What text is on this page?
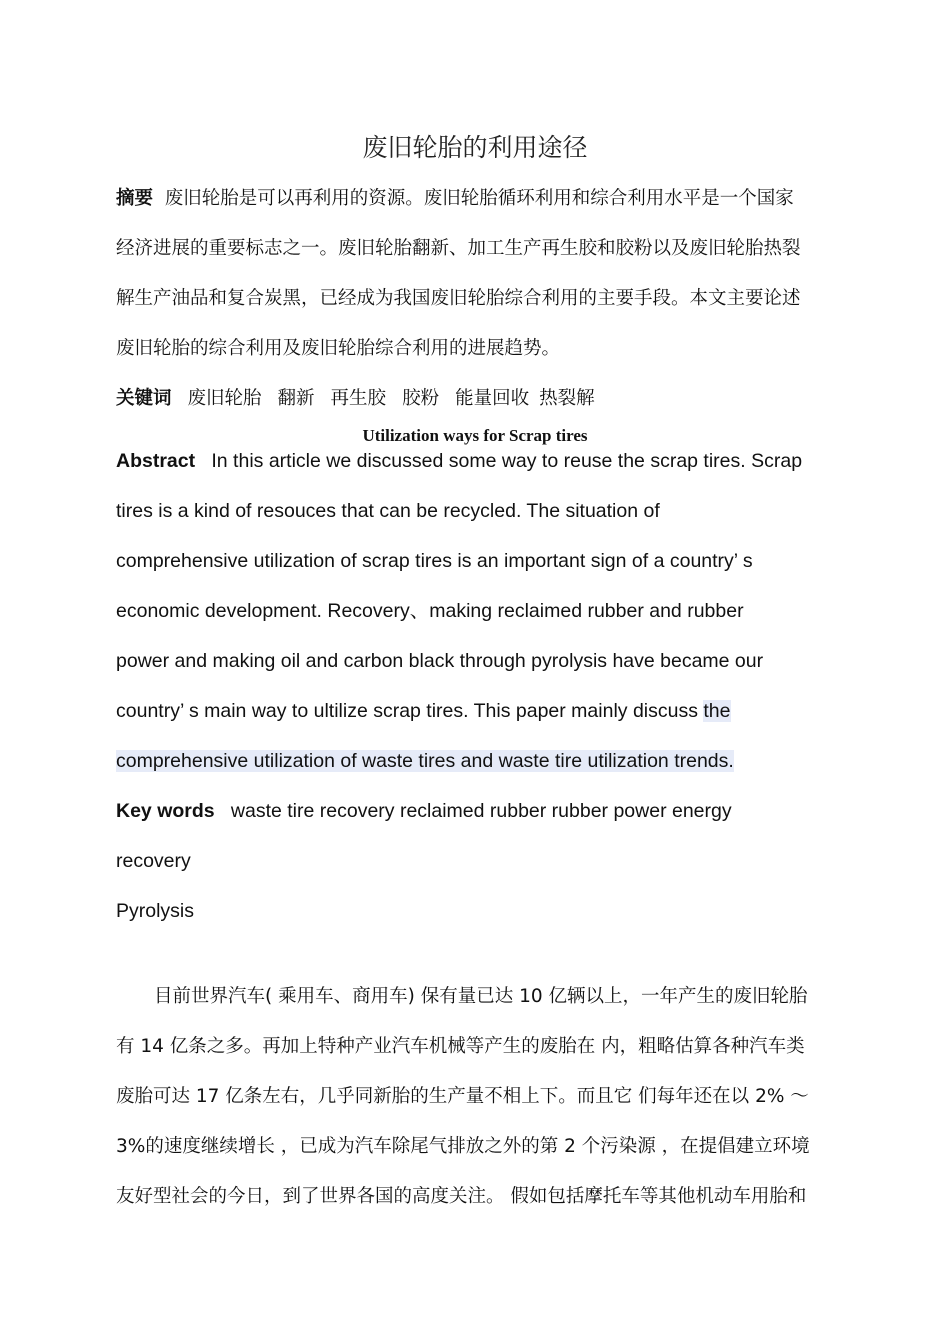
废旧轮胎的利用途径
摘要 废旧轮胎是可以再利用的资源。废旧轮胎循环利用和综合利用水平是一个国家
经济进展的重要标志之一。废旧轮胎翻新、加工生产再生胶和胶粉以及废旧轮胎热裂
解生产油品和复合炭黑，已经成为我国废旧轮胎综合利用的主要手段。本文主要论述
废旧轮胎的综合利用及废旧轮胎综合利用的进展趋势。
关键词 废旧轮胎 翻新 再生胶 胶粉 能量回收 热裂解
Utilization ways for Scrap tires
Abstract In this article we discussed some way to reuse the scrap tires. Scrap
tires is a kind of resouces that can be recycled. The situation of
comprehensive utilization of scrap tires is an important sign of a country’ s
economic development. Recovery、making reclaimed rubber and rubber
power and making oil and carbon black through pyrolysis have became our
country’ s main way to ultilize scrap tires. This paper mainly discuss the
comprehensive utilization of waste tires and waste tire utilization trends.
Key words waste tire recovery reclaimed rubber rubber power energy
recovery
Pyrolysis
目前世界汽车( 乘用车、商用车) 保有量已达 10 亿辆以上，一年产生的废旧轮胎
有 14 亿条之多。再加上特种产业汽车机械等产生的废胎在 内，粗略估算各种汽车类
废胎可达 17 亿条左右，几乎同新胎的生产量不相上下。而且它 们每年还在以 2% ～
3%的速度继续增长 ，已成为汽车除尾气排放之外的第 2 个污染源 ，在提倡建立环境
友好型社会的今日，到了世界各国的高度关注。 假如包括摩托车等其他机动车用胎和
